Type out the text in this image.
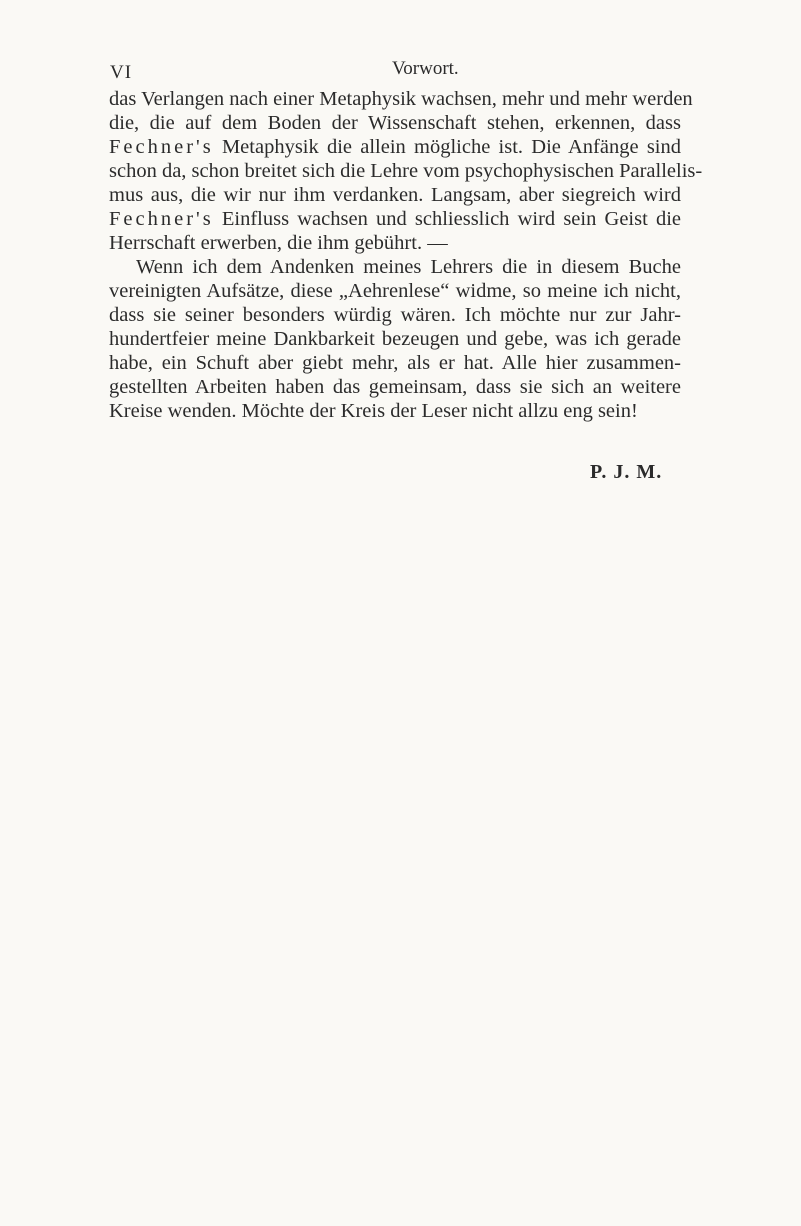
VI	Vorwort.
das Verlangen nach einer Metaphysik wachsen, mehr und mehr werden
die, die auf dem Boden der Wissenschaft stehen, erkennen, dass
Fechner's Metaphysik die allein mögliche ist. Die Anfänge sind
schon da, schon breitet sich die Lehre vom psychophysischen Parallelis-
mus aus, die wir nur ihm verdanken. Langsam, aber siegreich wird
Fechner's Einfluss wachsen und schliesslich wird sein Geist die
Herrschaft erwerben, die ihm gebührt. —
Wenn ich dem Andenken meines Lehrers die in diesem Buche
vereinigten Aufsätze, diese „Aehrenlese“ widme, so meine ich nicht,
dass sie seiner besonders würdig wären. Ich möchte nur zur Jahr-
hundertfeier meine Dankbarkeit bezeugen und gebe, was ich gerade
habe, ein Schuft aber giebt mehr, als er hat. Alle hier zusammen-
gestellten Arbeiten haben das gemeinsam, dass sie sich an weitere
Kreise wenden. Möchte der Kreis der Leser nicht allzu eng sein!
P. J. M.
